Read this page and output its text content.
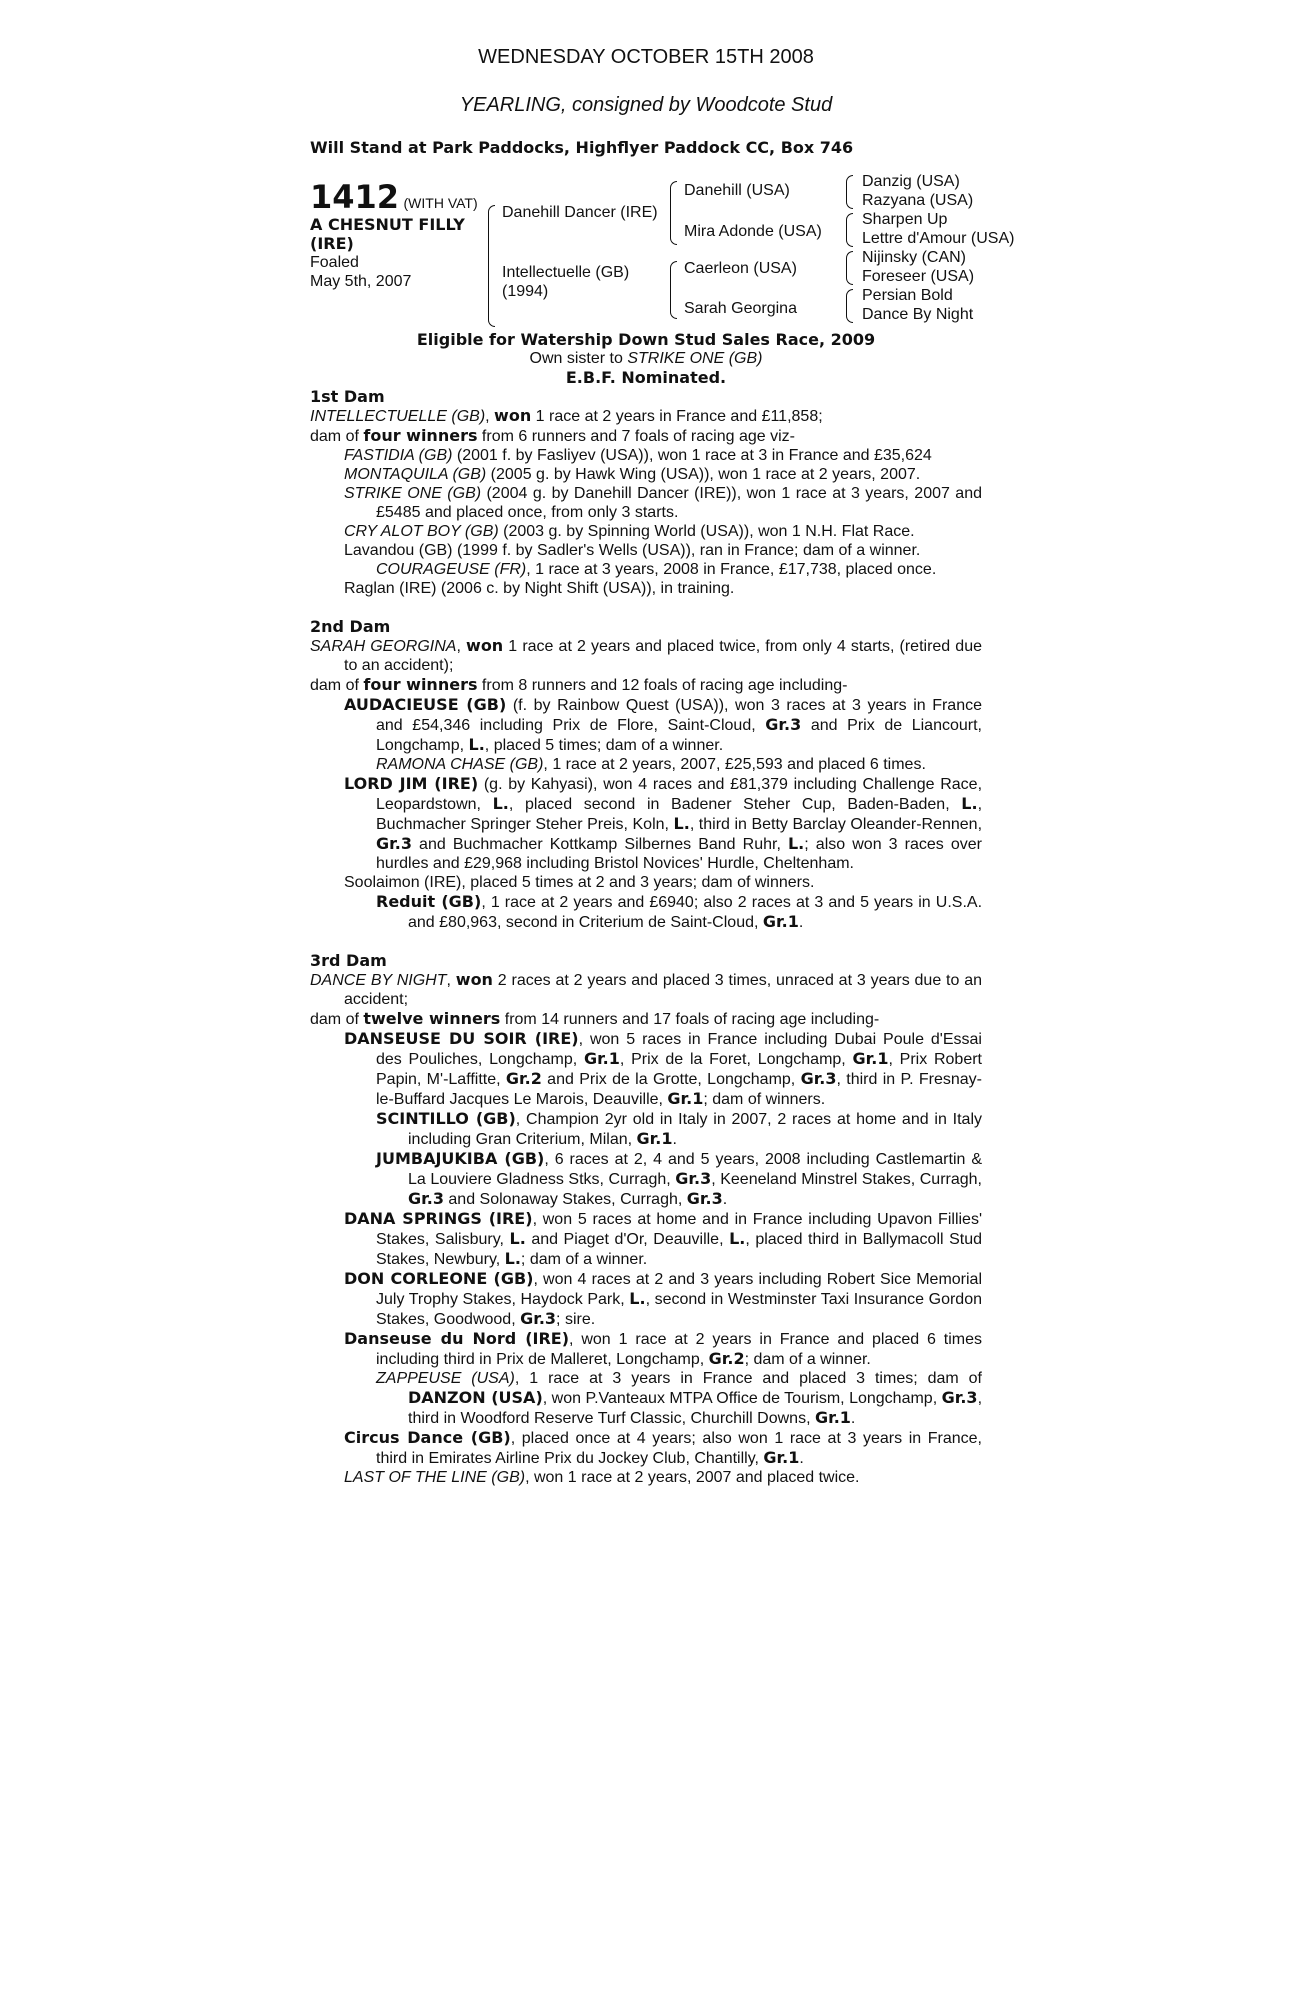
WEDNESDAY OCTOBER 15TH 2008
YEARLING, consigned by Woodcote Stud
Will Stand at Park Paddocks, Highflyer Paddock CC, Box 746
1412 (WITH VAT)
A CHESNUT FILLY
(IRE)
Foaled
May 5th, 2007
Danehill Dancer (IRE)
Intellectuelle (GB)
(1994)
Danehill (USA)
Mira Adonde (USA)
Caerleon (USA)
Sarah Georgina
Danzig (USA)
Razyana (USA)
Sharpen Up
Lettre d'Amour (USA)
Nijinsky (CAN)
Foreseer (USA)
Persian Bold
Dance By Night
Eligible for Watership Down Stud Sales Race, 2009
Own sister to STRIKE ONE (GB)
E.B.F. Nominated.
1st Dam
INTELLECTUELLE (GB), won 1 race at 2 years in France and £11,858;
dam of four winners from 6 runners and 7 foals of racing age viz-
FASTIDIA (GB) (2001 f. by Fasliyev (USA)), won 1 race at 3 in France and £35,624
MONTAQUILA (GB) (2005 g. by Hawk Wing (USA)), won 1 race at 2 years, 2007.
STRIKE ONE (GB) (2004 g. by Danehill Dancer (IRE)), won 1 race at 3 years, 2007 and £5485 and placed once, from only 3 starts.
CRY ALOT BOY (GB) (2003 g. by Spinning World (USA)), won 1 N.H. Flat Race.
Lavandou (GB) (1999 f. by Sadler's Wells (USA)), ran in France; dam of a winner.
COURAGEUSE (FR), 1 race at 3 years, 2008 in France, £17,738, placed once.
Raglan (IRE) (2006 c. by Night Shift (USA)), in training.
2nd Dam
SARAH GEORGINA, won 1 race at 2 years and placed twice, from only 4 starts, (retired due to an accident);
dam of four winners from 8 runners and 12 foals of racing age including-
AUDACIEUSE (GB) (f. by Rainbow Quest (USA)), won 3 races at 3 years in France and £54,346 including Prix de Flore, Saint-Cloud, Gr.3 and Prix de Liancourt, Longchamp, L., placed 5 times; dam of a winner.
RAMONA CHASE (GB), 1 race at 2 years, 2007, £25,593 and placed 6 times.
LORD JIM (IRE) (g. by Kahyasi), won 4 races and £81,379 including Challenge Race, Leopardstown, L., placed second in Badener Steher Cup, Baden-Baden, L., Buchmacher Springer Steher Preis, Koln, L., third in Betty Barclay Oleander-Rennen, Gr.3 and Buchmacher Kottkamp Silbernes Band Ruhr, L.; also won 3 races over hurdles and £29,968 including Bristol Novices' Hurdle, Cheltenham.
Soolaimon (IRE), placed 5 times at 2 and 3 years; dam of winners.
Reduit (GB), 1 race at 2 years and £6940; also 2 races at 3 and 5 years in U.S.A. and £80,963, second in Criterium de Saint-Cloud, Gr.1.
3rd Dam
DANCE BY NIGHT, won 2 races at 2 years and placed 3 times, unraced at 3 years due to an accident;
dam of twelve winners from 14 runners and 17 foals of racing age including-
DANSEUSE DU SOIR (IRE), won 5 races in France including Dubai Poule d'Essai des Pouliches, Longchamp, Gr.1, Prix de la Foret, Longchamp, Gr.1, Prix Robert Papin, M'-Laffitte, Gr.2 and Prix de la Grotte, Longchamp, Gr.3, third in P. Fresnay-le-Buffard Jacques Le Marois, Deauville, Gr.1; dam of winners.
SCINTILLO (GB), Champion 2yr old in Italy in 2007, 2 races at home and in Italy including Gran Criterium, Milan, Gr.1.
JUMBAJUKIBA (GB), 6 races at 2, 4 and 5 years, 2008 including Castlemartin & La Louviere Gladness Stks, Curragh, Gr.3, Keeneland Minstrel Stakes, Curragh, Gr.3 and Solonaway Stakes, Curragh, Gr.3.
DANA SPRINGS (IRE), won 5 races at home and in France including Upavon Fillies' Stakes, Salisbury, L. and Piaget d'Or, Deauville, L., placed third in Ballymacoll Stud Stakes, Newbury, L.; dam of a winner.
DON CORLEONE (GB), won 4 races at 2 and 3 years including Robert Sice Memorial July Trophy Stakes, Haydock Park, L., second in Westminster Taxi Insurance Gordon Stakes, Goodwood, Gr.3; sire.
Danseuse du Nord (IRE), won 1 race at 2 years in France and placed 6 times including third in Prix de Malleret, Longchamp, Gr.2; dam of a winner.
ZAPPEUSE (USA), 1 race at 3 years in France and placed 3 times; dam of DANZON (USA), won P.Vanteaux MTPA Office de Tourism, Longchamp, Gr.3, third in Woodford Reserve Turf Classic, Churchill Downs, Gr.1.
Circus Dance (GB), placed once at 4 years; also won 1 race at 3 years in France, third in Emirates Airline Prix du Jockey Club, Chantilly, Gr.1.
LAST OF THE LINE (GB), won 1 race at 2 years, 2007 and placed twice.
